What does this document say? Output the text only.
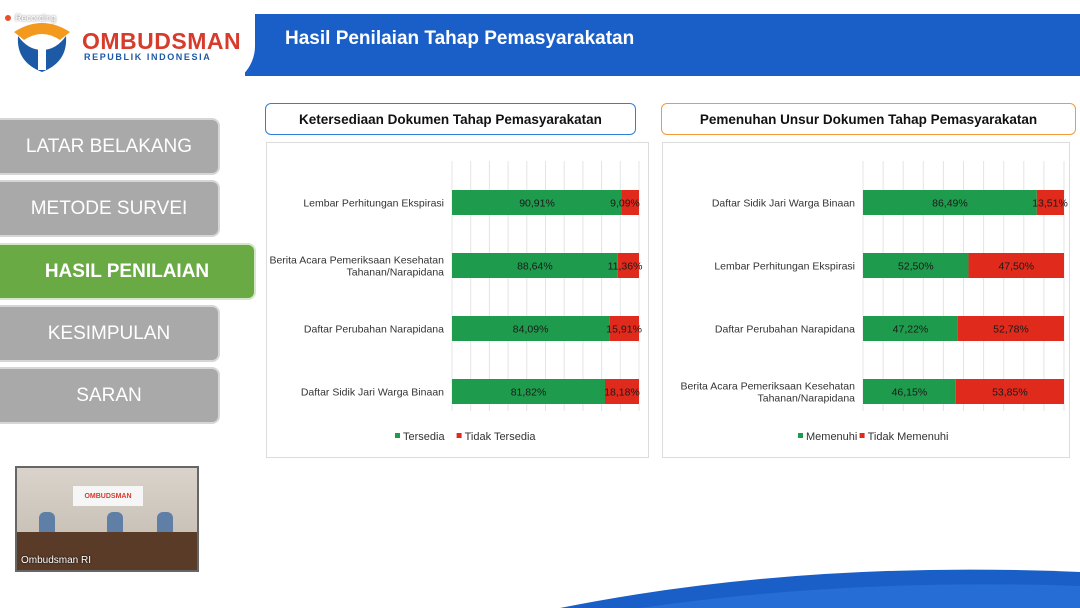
Hasil Penilaian Tahap Pemasyarakatan
OMBUDSMAN
REPUBLIK INDONESIA
Recording
LATAR BELAKANG
METODE SURVEI
HASIL PENILAIAN
KESIMPULAN
SARAN
OMBUDSMAN
Ombudsman RI
Ketersediaan Dokumen Tahap Pemasyarakatan
Lembar Perhitungan Ekspirasi	90,91%	9,09%
Berita Acara Pemeriksaan Kesehatan Tahanan/Narapidana	88,64%	11,36%
Daftar Perubahan Narapidana	84,09%	15,91%
Daftar Sidik Jari Warga Binaan	81,82%	18,18%
Tersedia Tidak Tersedia
Pemenuhan Unsur Dokumen Tahap Pemasyarakatan
Daftar Sidik Jari Warga Binaan	86,49%	13,51%
Lembar Perhitungan Ekspirasi	52,50%	47,50%
Daftar Perubahan Narapidana	47,22%	52,78%
Berita Acara Pemeriksaan Kesehatan Tahanan/Narapidana	46,15%	53,85%
Memenuhi Tidak Memenuhi
